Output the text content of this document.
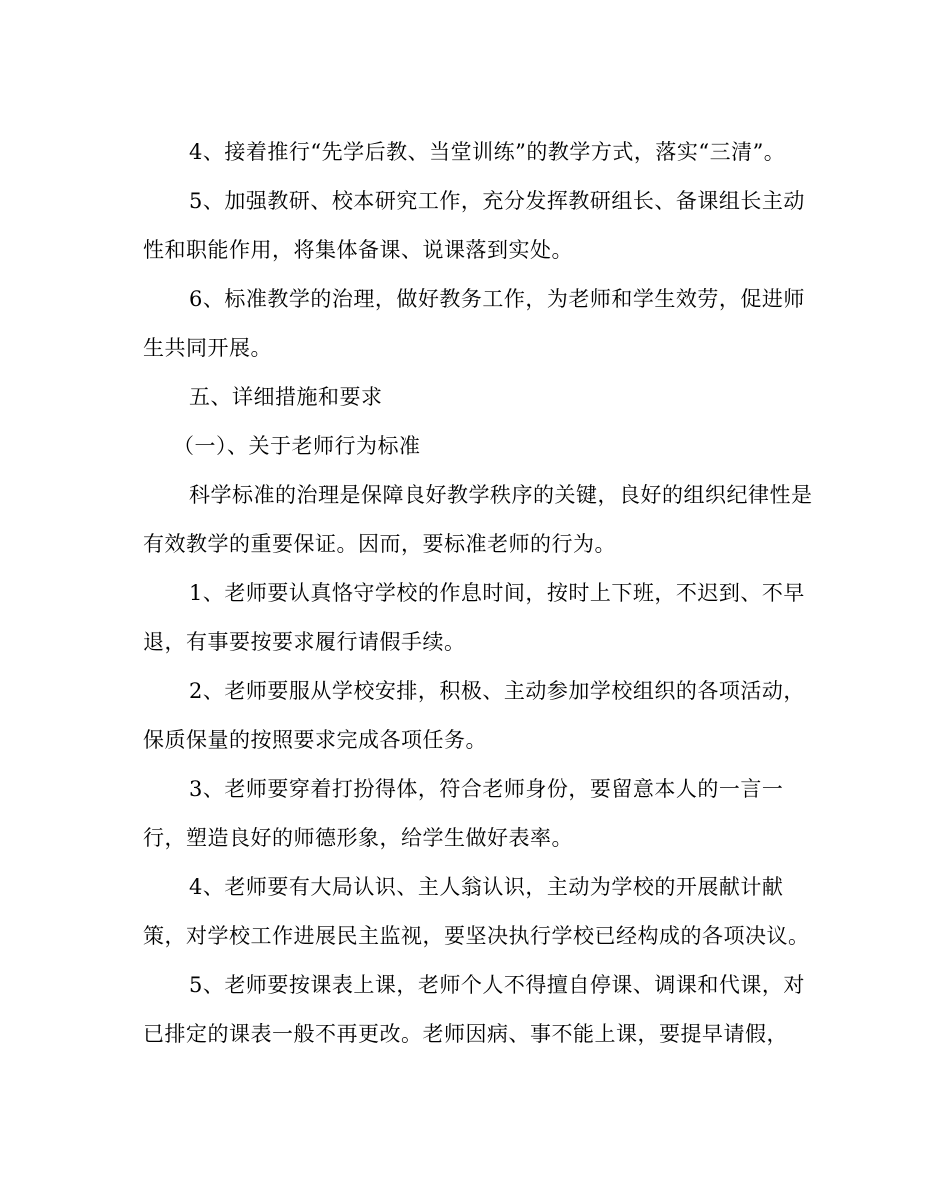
4、接着推行“先学后教、当堂训练”的教学方式，落实“三清”。

5、加强教研、校本研究工作，充分发挥教研组长、备课组长主动性和职能作用，将集体备课、说课落到实处。

6、标准教学的治理，做好教务工作，为老师和学生效劳，促进师生共同开展。

五、详细措施和要求

（一）、关于老师行为标准

科学标准的治理是保障良好教学秩序的关键，良好的组织纪律性是有效教学的重要保证。因而，要标准老师的行为。

1、老师要认真恪守学校的作息时间，按时上下班，不迟到、不早退，有事要按要求履行请假手续。

2、老师要服从学校安排，积极、主动参加学校组织的各项活动，保质保量的按照要求完成各项任务。

3、老师要穿着打扮得体，符合老师身份，要留意本人的一言一行，塑造良好的师德形象，给学生做好表率。

4、老师要有大局认识、主人翁认识，主动为学校的开展献计献策，对学校工作进展民主监视，要坚决执行学校已经构成的各项决议。

5、老师要按课表上课，老师个人不得擅自停课、调课和代课，对已排定的课表一般不再更改。老师因病、事不能上课，要提早请假，
